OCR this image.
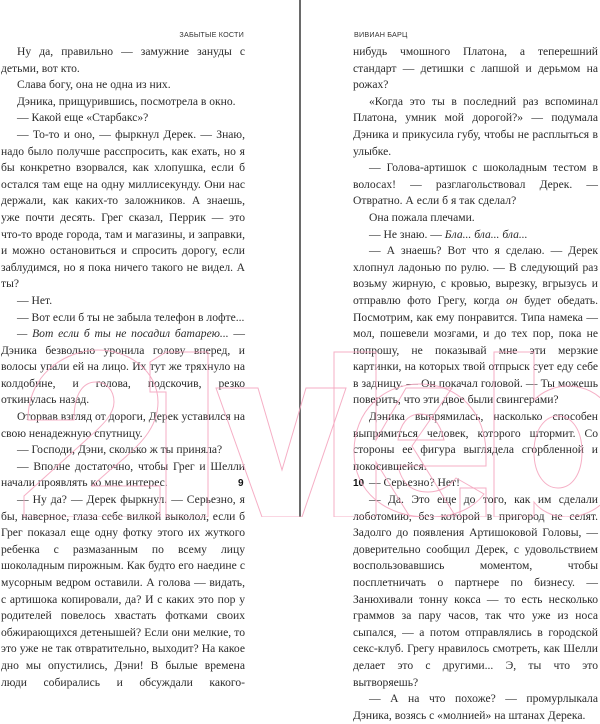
ЗАБЫТЫЕ КОСТИ

Ну да, правильно — замужние зануды с детьми, вот кто.

Слава богу, она не одна из них.

Дэника, прищурившись, посмотрела в окно.

— Какой еще «Старбакс»?

— То-то и оно, — фыркнул Дерек. — Знаю, надо было получше расспросить, как ехать, но я бы конкретно взорвался, как хлопушка, если б остался там еще на одну миллисекунду. Они нас держали, как каких-то заложников. А знаешь, уже почти десять. Грег сказал, Перрик — это что-то вроде города, там и магазины, и заправки, и можно остановиться и спросить дорогу, если заблудимся, но я пока ничего такого не видел. А ты?

— Нет.

— Вот если б ты не забыла телефон в лофте...

— Вот если б ты не посадил батарею... — Дэника безвольно уронила голову вперед, и волосы упали ей на лицо. Их тут же тряхнуло на колдобине, и голова, подскочив, резко откинулась назад.

Оторвав взгляд от дороги, Дерек уставился на свою ненадежную спутницу.

— Господи, Дэни, сколько ж ты приняла?

— Вполне достаточно, чтобы Грег и Шелли начали проявлять ко мне интерес.

— Ну да? — Дерек фыркнул. — Серьезно, я бы, наверное, глаза себе вилкой выколол, если б Грег показал еще одну фотку этого их жуткого ребенка с размазанным по всему лицу шоколадным пирожным. Как будто его наедине с мусорным ведром оставили. А голова — видать, с артишока копировали, да? И с каких это пор у родителей повелось хвастать фотками своих обжирающихся детенышей? Если они мелкие, то это уже не так отвратительно, выходит? На какое дно мы опустились, Дэни! В былые времена люди собирались и обсуждали какого-

9
ВИВИАН БАРЦ

нибудь чмошного Платона, а теперешний стандарт — детишки с лапшой и дерьмом на рожах?

«Когда это ты в последний раз вспоминал Платона, умник мой дорогой?» — подумала Дэника и прикусила губу, чтобы не расплыться в улыбке.

— Голова-артишок с шоколадным тестом в волосах! — разглагольствовал Дерек. — Отвратно. А если б я так сделал?

Она пожала плечами.

— Не знаю. — Бла... бла... бла...

— А знаешь? Вот что я сделаю. — Дерек хлопнул ладонью по рулю. — В следующий раз возьму жирную, с кровью, вырезку, вгрызусь и отправлю фото Грегу, когда он будет обедать. Посмотрим, как ему понравится. Типа намека — мол, пошевели мозгами, и до тех пор, пока не попрошу, не показывай мне эти мерзкие картинки, на которых твой отпрыск сует еду себе в задницу. — Он покачал головой. — Ты можешь поверить, что эти двое были свингерами?

Дэника выпрямилась, насколько способен выпрямиться человек, которого штормит. Со стороны ее фигура выглядела сгорбленной и покосившейся.

— Серьезно? Нет!

— Да. Это еще до того, как им сделали лоботомию, без которой в пригород не селят. Задолго до появления Артишоковой Головы, — доверительно сообщил Дерек, с удовольствием воспользовавшись моментом, чтобы посплетничать о партнере по бизнесу. — Занюхивали тонну кокса — то есть несколько граммов за пару часов, так что уже из носа сыпался, — а потом отправлялись в городской секс-клуб. Грегу нравилось смотреть, как Шелли делает это с другими... Э, ты что это вытворяешь?

— А на что похоже? — промурлыкала Дэника, возясь с «молнией» на штанах Дерека.

10
